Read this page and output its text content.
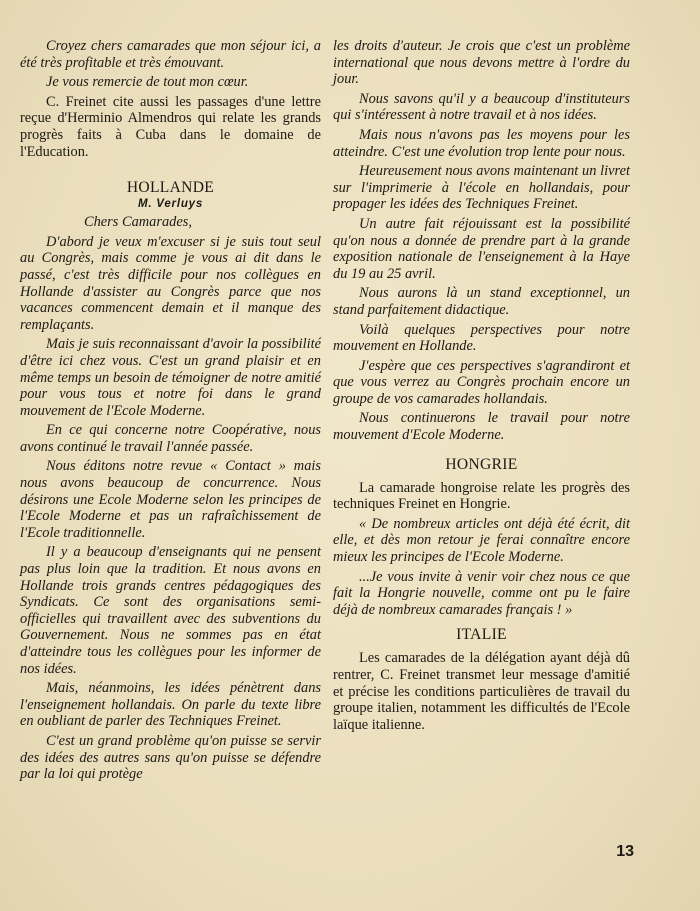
Croyez chers camarades que mon séjour ici, a été très profitable et très émouvant.

Je vous remercie de tout mon cœur.

C. Freinet cite aussi les passages d'une lettre reçue d'Herminio Almendros qui relate les grands progrès faits à Cuba dans le domaine de l'Education.

HOLLANDE
M. Verluys

Chers Camarades,

D'abord je veux m'excuser si je suis tout seul au Congrès, mais comme je vous ai dit dans le passé, c'est très difficile pour nos collègues en Hollande d'assister au Congrès parce que nos vacances commencent demain et il manque des remplaçants.

Mais je suis reconnaissant d'avoir la possibilité d'être ici chez vous. C'est un grand plaisir et en même temps un besoin de témoigner de notre amitié pour vous tous et notre foi dans le grand mouvement de l'Ecole Moderne.

En ce qui concerne notre Coopérative, nous avons continué le travail l'année passée.

Nous éditons notre revue « Contact » mais nous avons beaucoup de concurrence. Nous désirons une Ecole Moderne selon les principes de l'Ecole Moderne et pas un rafraîchissement de l'Ecole traditionnelle.

Il y a beaucoup d'enseignants qui ne pensent pas plus loin que la tradition. Et nous avons en Hollande trois grands centres pédagogiques des Syndicats. Ce sont des organisations semi-officielles qui travaillent avec des subventions du Gouvernement. Nous ne sommes pas en état d'atteindre tous les collègues pour les informer de nos idées.

Mais, néanmoins, les idées pénètrent dans l'enseignement hollandais. On parle du texte libre en oubliant de parler des Techniques Freinet.

C'est un grand problème qu'on puisse se servir des idées des autres sans qu'on puisse se défendre par la loi qui protège

les droits d'auteur. Je crois que c'est un problème international que nous devons mettre à l'ordre du jour.

Nous savons qu'il y a beaucoup d'instituteurs qui s'intéressent à notre travail et à nos idées.

Mais nous n'avons pas les moyens pour les atteindre. C'est une évolution trop lente pour nous.

Heureusement nous avons maintenant un livret sur l'imprimerie à l'école en hollandais, pour propager les idées des Techniques Freinet.

Un autre fait réjouissant est la possibilité qu'on nous a donnée de prendre part à la grande exposition nationale de l'enseignement à la Haye du 19 au 25 avril.

Nous aurons là un stand exceptionnel, un stand parfaitement didactique.

Voilà quelques perspectives pour notre mouvement en Hollande.

J'espère que ces perspectives s'agrandiront et que vous verrez au Congrès prochain encore un groupe de vos camarades hollandais.

Nous continuerons le travail pour notre mouvement d'Ecole Moderne.

HONGRIE

La camarade hongroise relate les progrès des techniques Freinet en Hongrie.

« De nombreux articles ont déjà été écrit, dit elle, et dès mon retour je ferai connaître encore mieux les principes de l'Ecole Moderne.

...Je vous invite à venir voir chez nous ce que fait la Hongrie nouvelle, comme ont pu le faire déjà de nombreux camarades français ! »

ITALIE

Les camarades de la délégation ayant déjà dû rentrer, C. Freinet transmet leur message d'amitié et précise les conditions particulières de travail du groupe italien, notamment les difficultés de l'Ecole laïque italienne.

13
